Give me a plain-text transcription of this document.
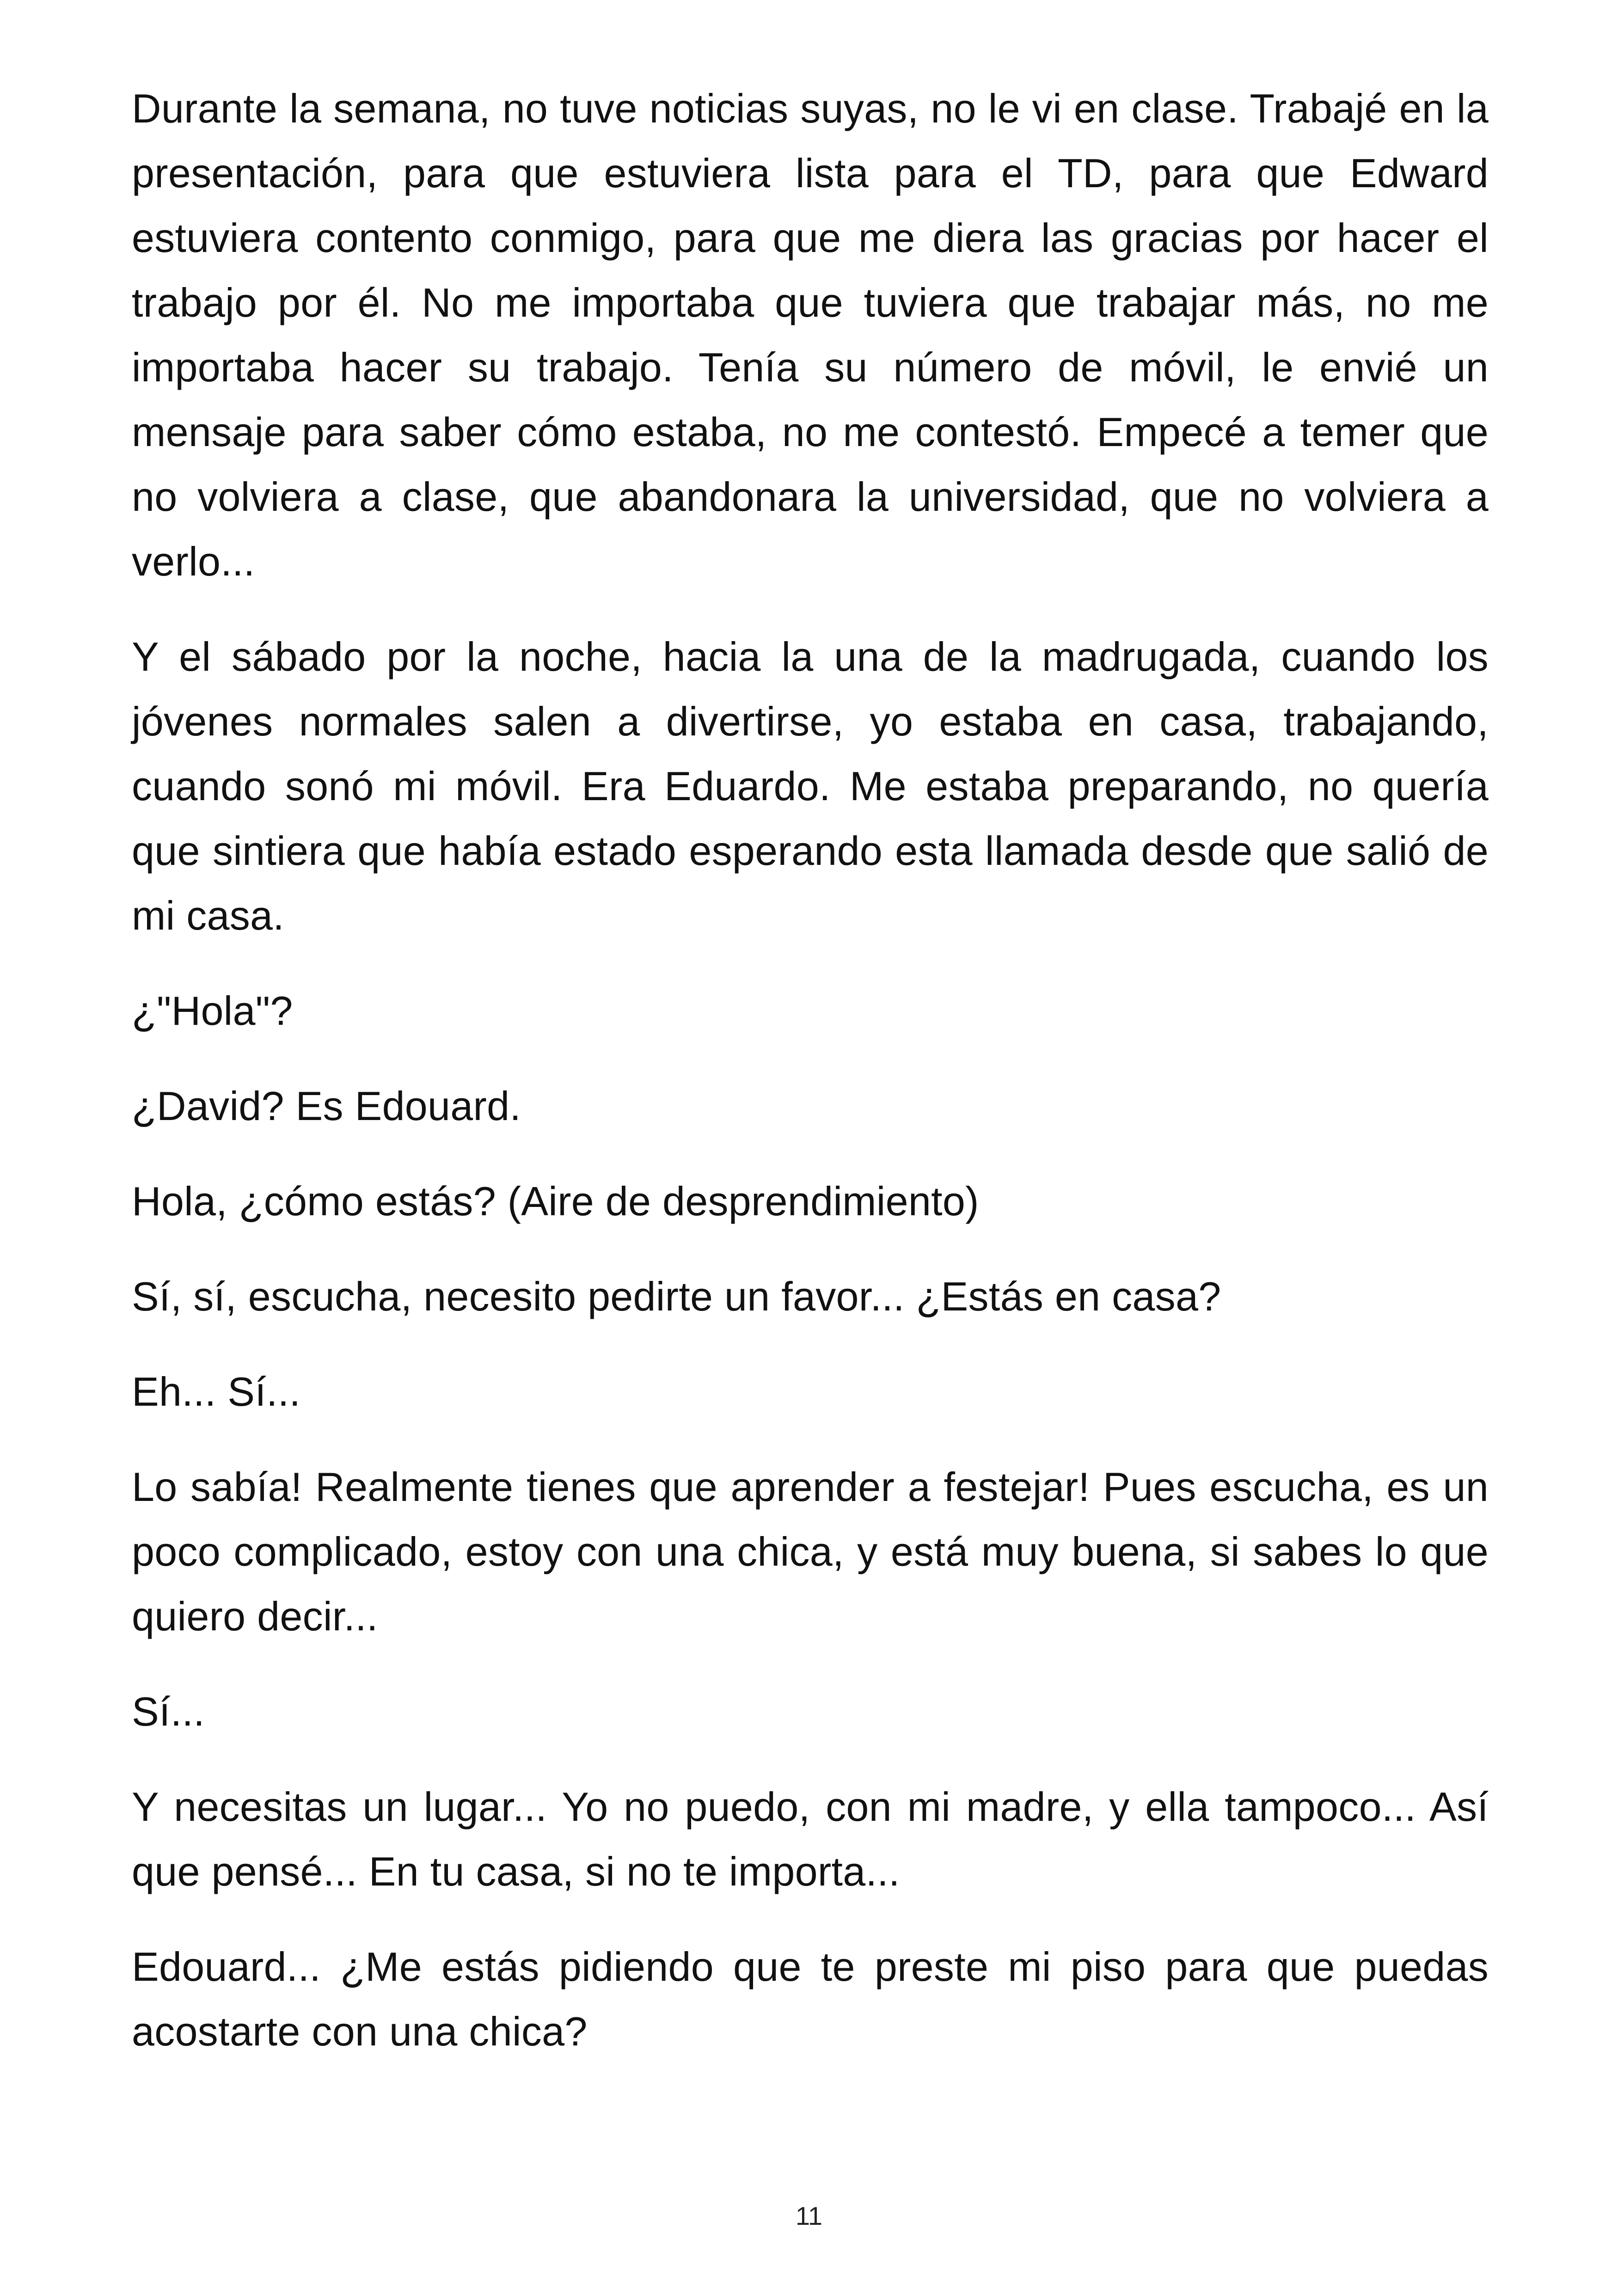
Durante la semana, no tuve noticias suyas, no le vi en clase. Trabajé en la presentación, para que estuviera lista para el TD, para que Edward estuviera contento conmigo, para que me diera las gracias por hacer el trabajo por él. No me importaba que tuviera que trabajar más, no me importaba hacer su trabajo. Tenía su número de móvil, le envié un mensaje para saber cómo estaba, no me contestó. Empecé a temer que no volviera a clase, que abandonara la universidad, que no volviera a verlo...

Y el sábado por la noche, hacia la una de la madrugada, cuando los jóvenes normales salen a divertirse, yo estaba en casa, trabajando, cuando sonó mi móvil. Era Eduardo. Me estaba preparando, no quería que sintiera que había estado esperando esta llamada desde que salió de mi casa.

¿"Hola"?

¿David? Es Edouard.

Hola, ¿cómo estás? (Aire de desprendimiento)

Sí, sí, escucha, necesito pedirte un favor... ¿Estás en casa?

Eh... Sí...

Lo sabía! Realmente tienes que aprender a festejar! Pues escucha, es un poco complicado, estoy con una chica, y está muy buena, si sabes lo que quiero decir...

Sí...

Y necesitas un lugar... Yo no puedo, con mi madre, y ella tampoco... Así que pensé... En tu casa, si no te importa...

Edouard... ¿Me estás pidiendo que te preste mi piso para que puedas acostarte con una chica?

11
